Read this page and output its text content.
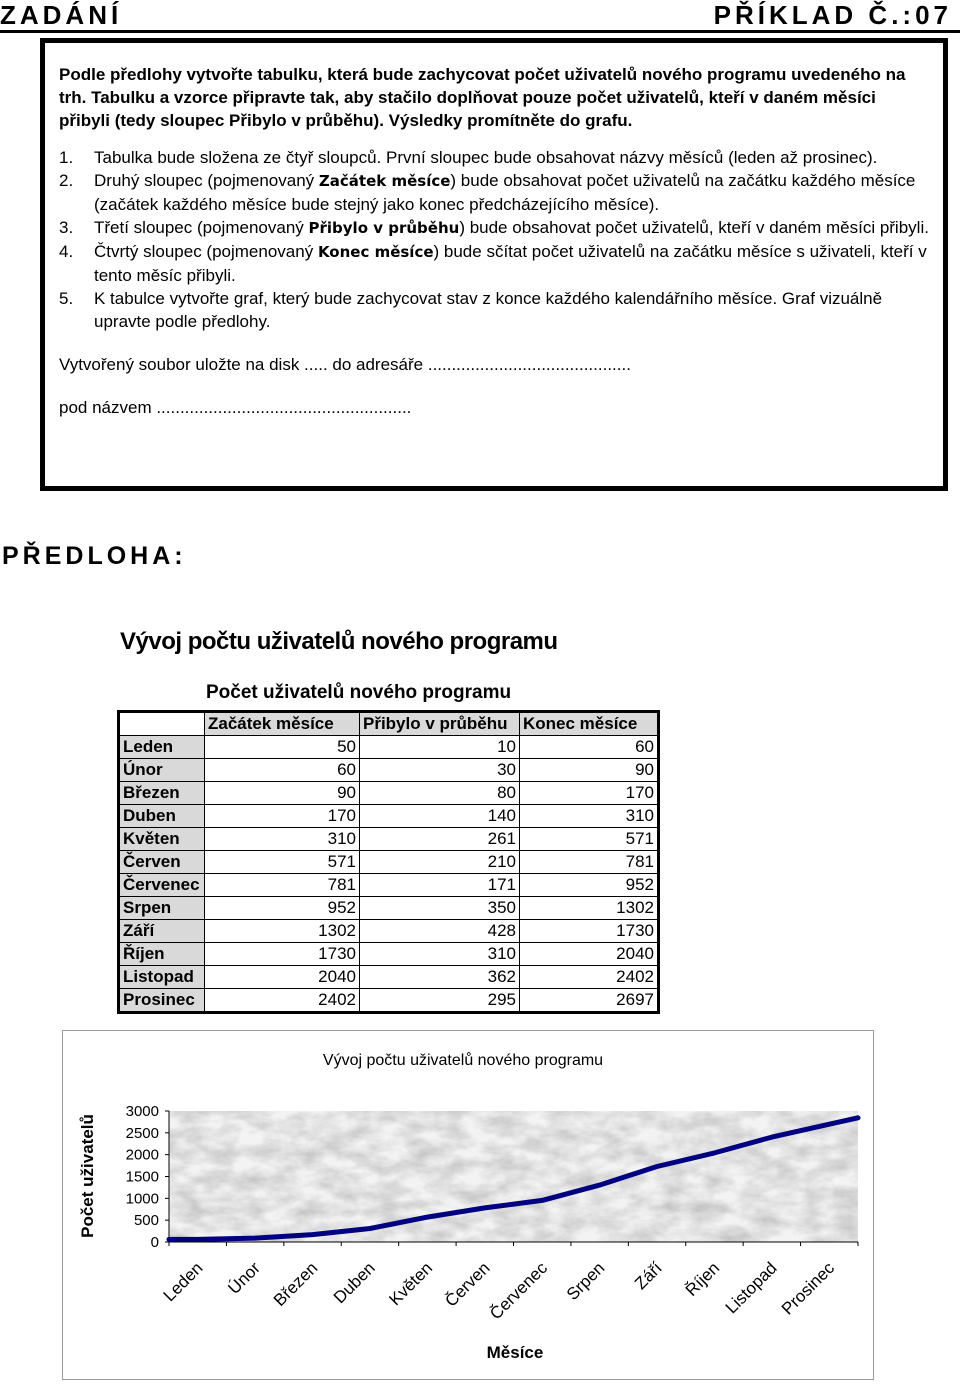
ZADÁNÍ	PŘÍKLAD Č.:07

Podle předlohy vytvořte tabulku, která bude zachycovat počet uživatelů nového programu uvedeného na trh. Tabulku a vzorce připravte tak, aby stačilo doplňovat pouze počet uživatelů, kteří v daném měsíci přibyli (tedy sloupec Přibylo v průběhu). Výsledky promítněte do grafu.

1.	Tabulka bude složena ze čtyř sloupců. První sloupec bude obsahovat názvy měsíců (leden až prosinec).
2.	Druhý sloupec (pojmenovaný Začátek měsíce) bude obsahovat počet uživatelů na začátku každého měsíce (začátek každého měsíce bude stejný jako konec předcházejícího měsíce).
3.	Třetí sloupec (pojmenovaný Přibylo v průběhu) bude obsahovat počet uživatelů, kteří v daném měsíci přibyli.
4.	Čtvrtý sloupec (pojmenovaný Konec měsíce) bude sčítat počet uživatelů na začátku měsíce s uživateli, kteří v tento měsíc přibyli.
5.	K tabulce vytvořte graf, který bude zachycovat stav z konce každého kalendářního měsíce. Graf vizuálně upravte podle předlohy.
Vytvořený soubor uložte na disk ..... do adresáře ...........................................
pod názvem ......................................................
PŘEDLOHA:
Vývoj počtu uživatelů nového programu
Počet uživatelů nového programu
	Začátek měsíce	Přibylo v průběhu	Konec měsíce
Leden	50	10	60
Únor	60	30	90
Březen	90	80	170
Duben	170	140	310
Květen	310	261	571
Červen	571	210	781
Červenec	781	171	952
Srpen	952	350	1302
Září	1302	428	1730
Říjen	1730	310	2040
Listopad	2040	362	2402
Prosinec	2402	295	2697
Vývoj počtu uživatelů nového programu
Počet uživatelů
Měsíce
0
500
1000
1500
2000
2500
3000
Leden Únor Březen Duben Květen Červen
Červenec Srpen Září Říjen
Listopad
Prosinec
